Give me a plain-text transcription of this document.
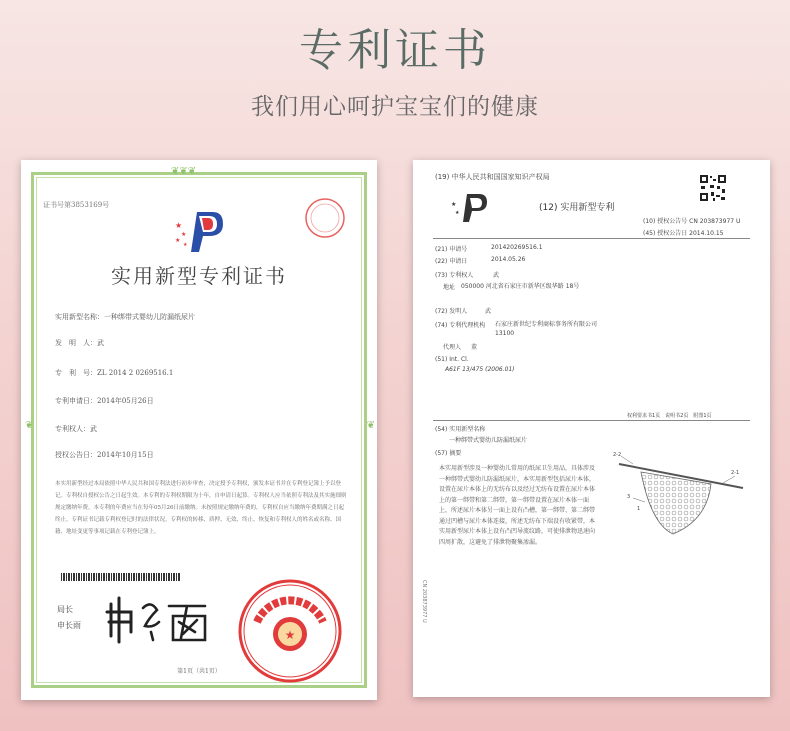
专利证书
我们用心呵护宝宝们的健康
❦❦❦
❦	❦
证书号第3853169号
★
★
★
★
实用新型专利证书
实用新型名称：一种绑带式婴幼儿防漏纸尿片
发　明　人：武
专　利　号：ZL 2014 2 0269516.1
专利申请日：2014年05月26日
专利权人：武
授权公告日：2014年10月15日
本实用新型经过本局依照中华人民共和国专利法进行初步审查，决定授予专利权，颁发本证书并在专利登记簿上予以登记。专利权自授权公告之日起生效。本专利的专利权期限为十年，自申请日起算。专利权人应当依照专利法及其实施细则规定缴纳年费。本专利的年费应当在每年05月26日前缴纳。未按照规定缴纳年费的，专利权自应当缴纳年费期满之日起终止。专利证书记载专利权登记时的法律状况。专利权的转移、质押、无效、终止、恢复和专利权人的姓名或名称、国籍、地址变更等事项记载在专利登记簿上。
局长
申长雨
★
第1页（共1页）
(19) 中华人民共和国国家知识产权局
★
★	(12) 实用新型专利
(10) 授权公告号 CN 203873977 U
(45) 授权公告日 2014.10.15
(21) 申请号	201420269516.1
(22) 申请日	2014.05.26
(73) 专利权人	武
地址 050000 河北省石家庄市新华区级华路 18号
(72) 发明人	武
(74) 专利代理机构 石家庄新世纪专利商标事务所有限公司 13100
代理人 董
(51) Int. Cl.
A61F 13/475 (2006.01)
权利要求书1页　说明书2页　附图1页
(54) 实用新型名称
一种绑带式婴幼儿防漏纸尿片
(57) 摘要
本实用新型涉及一种婴幼儿常用的纸尿卫生用品，具体涉及一种绑带式婴幼儿防漏纸尿片，本实用新型包括尿片本体，设置在尿片本体上的无纺布以及经过无纺布设置在尿片本体上的第一绑带和第二绑带，第一绑带设置在尿片本体一面上，所述尿片本体另一面上设有凸槽，第一绑带、第二绑带通过凹槽与尿片本体连接，所述无纺布下端设有收紧带，本实用新型尿片本体上设有凸凹导流纹路，可使排泄物迅速向四周扩散，这避免了排泄物聚集渗漏。
2-2
2-1
3
1
CN 203873977 U
